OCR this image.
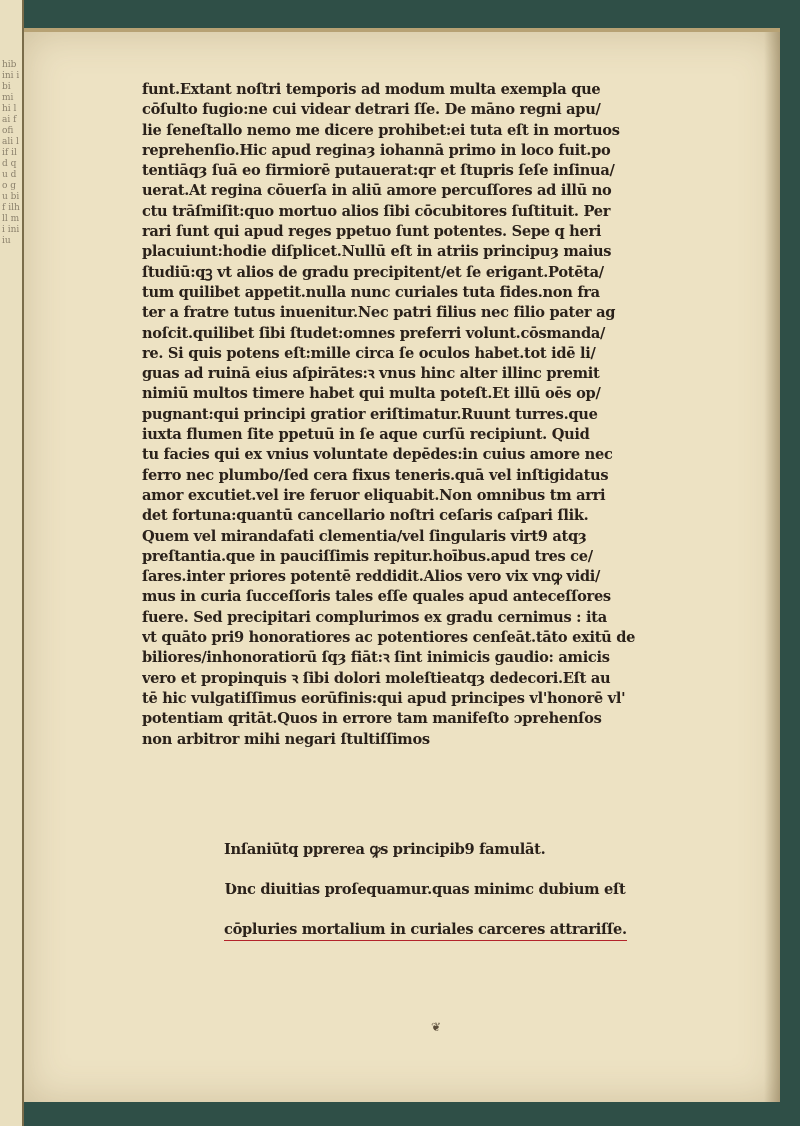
hib ini ibi mi hi lai fofi ali lif ild qu do gu bif ilh ll mi ini iu
funt.Extant noſtri temporis ad modum multa exempla que
cōſulto fugio:ne cui videar detrari ſſe. De māno regni apu/
lie ſeneſtallo nemo me dicere prohibet:ei tuta eſt in mortuos
reprehenſio.Hic apud reginaȝ iohannā primo in loco fuit.po
tentiāqȝ ſuā eo firmiorē putauerat:qr et ſtupris ſeſe inſinua/
uerat.At regina cōuerſa in aliū amore percuſſores ad illū no
ctu trāſmiſit:quo mortuo alios ſibi cōcubitores ſuſtituit. Per
rari ſunt qui apud reges ppetuo ſunt potentes. Sepe q heri
placuiunt:hodie diſplicet.Nullū eſt in atriis principuȝ maius
ſtudiū:qꝫ vt alios de gradu precipitent/et ſe erigant.Potēta/
tum quilibet appetit.nulla nunc curiales tuta fides.non fra
ter a fratre tutus inuenitur.Nec patri filius nec filio pater ag
noſcit.quilibet ſibi ſtudet:omnes preferri volunt.cōsmanda/
re. Si quis potens eſt:mille circa ſe oculos habet.tot idē li/
guas ad ruinā eius aſpirātes:ꝛ vnus hinc alter illinc premit
nimiū multos timere habet qui multa poteſt.Et illū oēs op/
pugnant:qui principi gratior eriſtimatur.Ruunt turres.que
iuxta flumen ſite ppetuū in ſe aque curſū recipiunt. Quid
tu facies qui ex vnius voluntate depēdes:in cuius amore nec
ferro nec plumbo/ſed cera fixus teneris.quā vel inſtigidatus
amor excutiet.vel ire feruor eliquabit.Non omnibus tm arri
det fortuna:quantū cancellario noſtri ceſaris caſpari ſlik.
Quem vel mirandafati clementia/vel ſingularis virt9 atqȝ
preſtantia.que in pauciſſimis repitur.hoībus.apud tres ce/
ſares.inter priores potentē reddidit.Alios vero vix vnꝙ vidi/
mus in curia ſucceſſoris tales eſſe quales apud anteceſſores
fuere. Sed precipitari complurimos ex gradu cernimus : ita
vt quāto pri9 honoratiores ac potentiores cenſeāt.tāto exitū de
biliores/inhonoratiorū ſqȝ fiāt:ꝛ ſint inimicis gaudio: amicis
vero et propinquis ꝛ ſibi dolori moleſtieatqȝ dedecori.Eſt au
tē hic vulgatiſſimus eorūfinis:qui apud principes vl'honorē vl'
potentiam qritāt.Quos in errore tam manifeſto ɔprehenſos
non arbitror mihi negari ſtultiſſimos
Inſaniūtq pprerea ꝙs principib9 famulāt.

Ʋnc diuitias proſequamur.quas minimc dubium eſt

cōpluries mortalium in curiales carceres attrariſſe.
❦
